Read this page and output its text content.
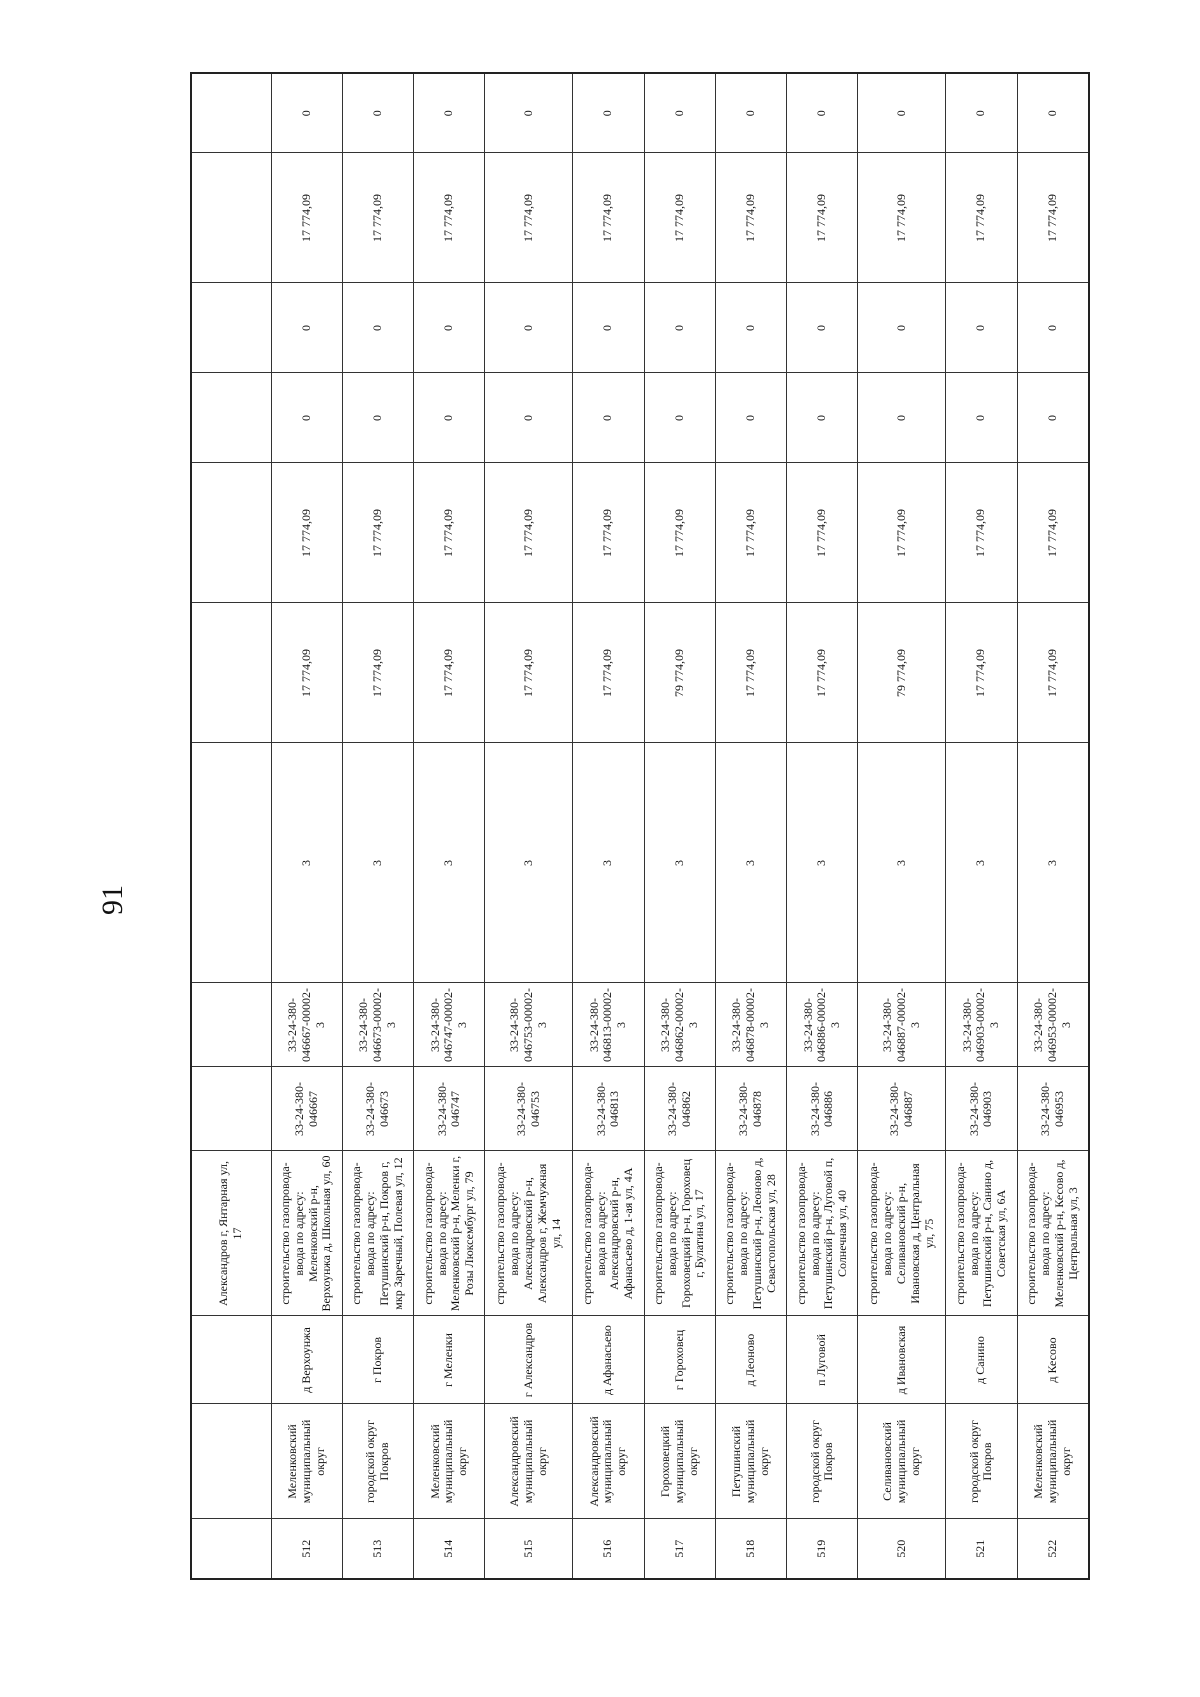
91
			Александров г, Янтарная ул, 17									
512	Меленковский муниципальный округ	д Верхоунжа	строительство газопровода-ввода по адресу: Меленковский р-н, Верхоунжа д, Школьная ул, 60	33-24-380-046667	33-24-380-046667-00002-3	3	17 774,09	17 774,09	0	0	17 774,09	0
513	городской округ Покров	г Покров	строительство газопровода-ввода по адресу: Петушинский р-н, Покров г, мкр Заречный, Полевая ул, 12	33-24-380-046673	33-24-380-046673-00002-3	3	17 774,09	17 774,09	0	0	17 774,09	0
514	Меленковский муниципальный округ	г Меленки	строительство газопровода-ввода по адресу: Меленковский р-н, Меленки г, Розы Люксембург ул, 79	33-24-380-046747	33-24-380-046747-00002-3	3	17 774,09	17 774,09	0	0	17 774,09	0
515	Александровский муниципальный округ	г Александров	строительство газопровода-ввода по адресу: Александровский р-н, Александров г, Жемчужная ул, 14	33-24-380-046753	33-24-380-046753-00002-3	3	17 774,09	17 774,09	0	0	17 774,09	0
516	Александровский муниципальный округ	д Афанасьево	строительство газопровода-ввода по адресу: Александровский р-н, Афанасьево д, 1-ая ул, 4А	33-24-380-046813	33-24-380-046813-00002-3	3	17 774,09	17 774,09	0	0	17 774,09	0
517	Гороховецкий муниципальный округ	г Гороховец	строительство газопровода-ввода по адресу: Гороховецкий р-н, Гороховец г, Булатина ул, 17	33-24-380-046862	33-24-380-046862-00002-3	3	79 774,09	17 774,09	0	0	17 774,09	0
518	Петушинский муниципальный округ	д Леоново	строительство газопровода-ввода по адресу: Петушинский р-н, Леоново д, Севастопольская ул, 28	33-24-380-046878	33-24-380-046878-00002-3	3	17 774,09	17 774,09	0	0	17 774,09	0
519	городской округ Покров	п Луговой	строительство газопровода-ввода по адресу: Петушинский р-н, Луговой п, Солнечная ул, 40	33-24-380-046886	33-24-380-046886-00002-3	3	17 774,09	17 774,09	0	0	17 774,09	0
520	Селивановский муниципальный округ	д Ивановская	строительство газопровода-ввода по адресу: Селивановский р-н, Ивановская д, Центральная ул, 75	33-24-380-046887	33-24-380-046887-00002-3	3	79 774,09	17 774,09	0	0	17 774,09	0
521	городской округ Покров	д Санино	строительство газопровода-ввода по адресу: Петушинский р-н, Санино д, Советская ул, 6А	33-24-380-046903	33-24-380-046903-00002-3	3	17 774,09	17 774,09	0	0	17 774,09	0
522	Меленковский муниципальный округ	д Кесово	строительство газопровода-ввода по адресу: Меленковский р-н, Кесово д, Центральная ул, 3	33-24-380-046953	33-24-380-046953-00002-3	3	17 774,09	17 774,09	0	0	17 774,09	0
